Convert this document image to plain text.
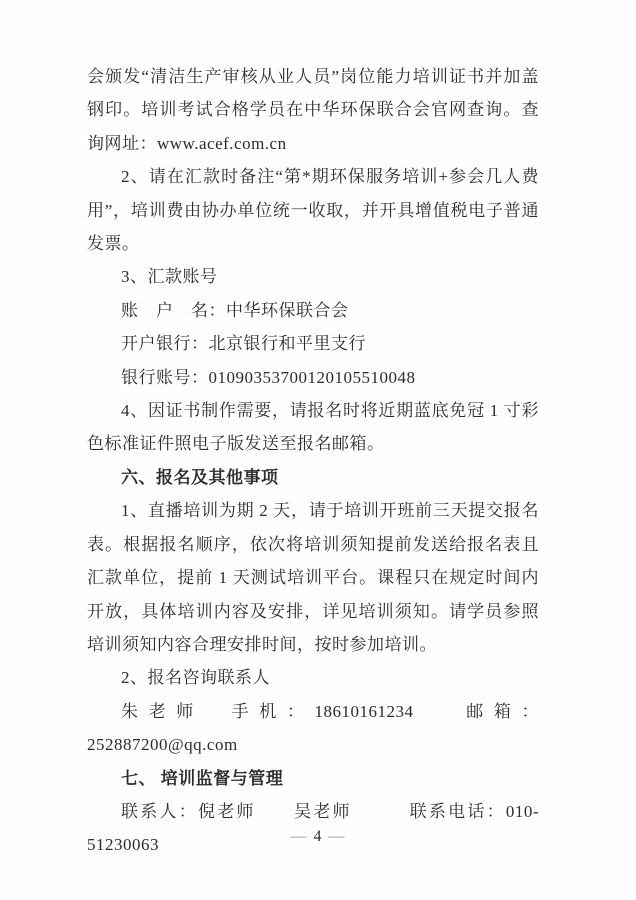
会颁发“清洁生产审核从业人员”岗位能力培训证书并加盖钢印。培训考试合格学员在中华环保联合会官网查询。查询网址：www.acef.com.cn

2、请在汇款时备注“第*期环保服务培训+参会几人费用”，培训费由协办单位统一收取，并开具增值税电子普通发票。

3、汇款账号

账　户　名：中华环保联合会

开户银行：北京银行和平里支行

银行账号：01090353700120105510048

4、因证书制作需要，请报名时将近期蓝底免冠 1 寸彩色标准证件照电子版发送至报名邮箱。

六、报名及其他事项

1、直播培训为期 2 天，请于培训开班前三天提交报名表。根据报名顺序，依次将培训须知提前发送给报名表且汇款单位，提前 1 天测试培训平台。课程只在规定时间内开放，具体培训内容及安排，详见培训须知。请学员参照培训须知内容合理安排时间，按时参加培训。

2、报名咨询联系人

朱老师　手机：18610161234　 邮箱：252887200@qq.com

七、 培训监督与管理

联系人：倪老师　　吴老师　　　联系电话：010-51230063	— 4 —
